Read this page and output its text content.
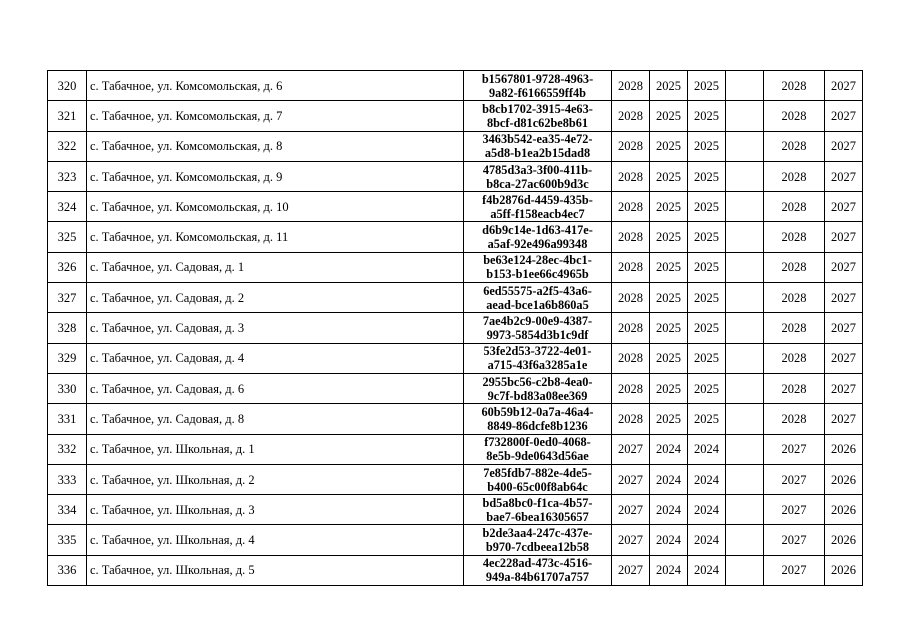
320	с. Табачное, ул. Комсомольская, д. 6	b1567801-9728-4963-
9a82-f6166559ff4b	2028	2025	2025		2028	2027
321	с. Табачное, ул. Комсомольская, д. 7	b8cb1702-3915-4e63-
8bcf-d81c62be8b61	2028	2025	2025		2028	2027
322	с. Табачное, ул. Комсомольская, д. 8	3463b542-ea35-4e72-
a5d8-b1ea2b15dad8	2028	2025	2025		2028	2027
323	с. Табачное, ул. Комсомольская, д. 9	4785d3a3-3f00-411b-
b8ca-27ac600b9d3c	2028	2025	2025		2028	2027
324	с. Табачное, ул. Комсомольская, д. 10	f4b2876d-4459-435b-
a5ff-f158eacb4ec7	2028	2025	2025		2028	2027
325	с. Табачное, ул. Комсомольская, д. 11	d6b9c14e-1d63-417e-
a5af-92e496a99348	2028	2025	2025		2028	2027
326	с. Табачное, ул. Садовая, д. 1	be63e124-28ec-4bc1-
b153-b1ee66c4965b	2028	2025	2025		2028	2027
327	с. Табачное, ул. Садовая, д. 2	6ed55575-a2f5-43a6-
aead-bce1a6b860a5	2028	2025	2025		2028	2027
328	с. Табачное, ул. Садовая, д. 3	7ae4b2c9-00e9-4387-
9973-5854d3b1c9df	2028	2025	2025		2028	2027
329	с. Табачное, ул. Садовая, д. 4	53fe2d53-3722-4e01-
a715-43f6a3285a1e	2028	2025	2025		2028	2027
330	с. Табачное, ул. Садовая, д. 6	2955bc56-c2b8-4ea0-
9c7f-bd83a08ee369	2028	2025	2025		2028	2027
331	с. Табачное, ул. Садовая, д. 8	60b59b12-0a7a-46a4-
8849-86dcfe8b1236	2028	2025	2025		2028	2027
332	с. Табачное, ул. Школьная, д. 1	f732800f-0ed0-4068-
8e5b-9de0643d56ae	2027	2024	2024		2027	2026
333	с. Табачное, ул. Школьная, д. 2	7e85fdb7-882e-4de5-
b400-65c00f8ab64c	2027	2024	2024		2027	2026
334	с. Табачное, ул. Школьная, д. 3	bd5a8bc0-f1ca-4b57-
bae7-6bea16305657	2027	2024	2024		2027	2026
335	с. Табачное, ул. Школьная, д. 4	b2de3aa4-247c-437e-
b970-7cdbeea12b58	2027	2024	2024		2027	2026
336	с. Табачное, ул. Школьная, д. 5	4ec228ad-473c-4516-
949a-84b61707a757	2027	2024	2024		2027	2026
